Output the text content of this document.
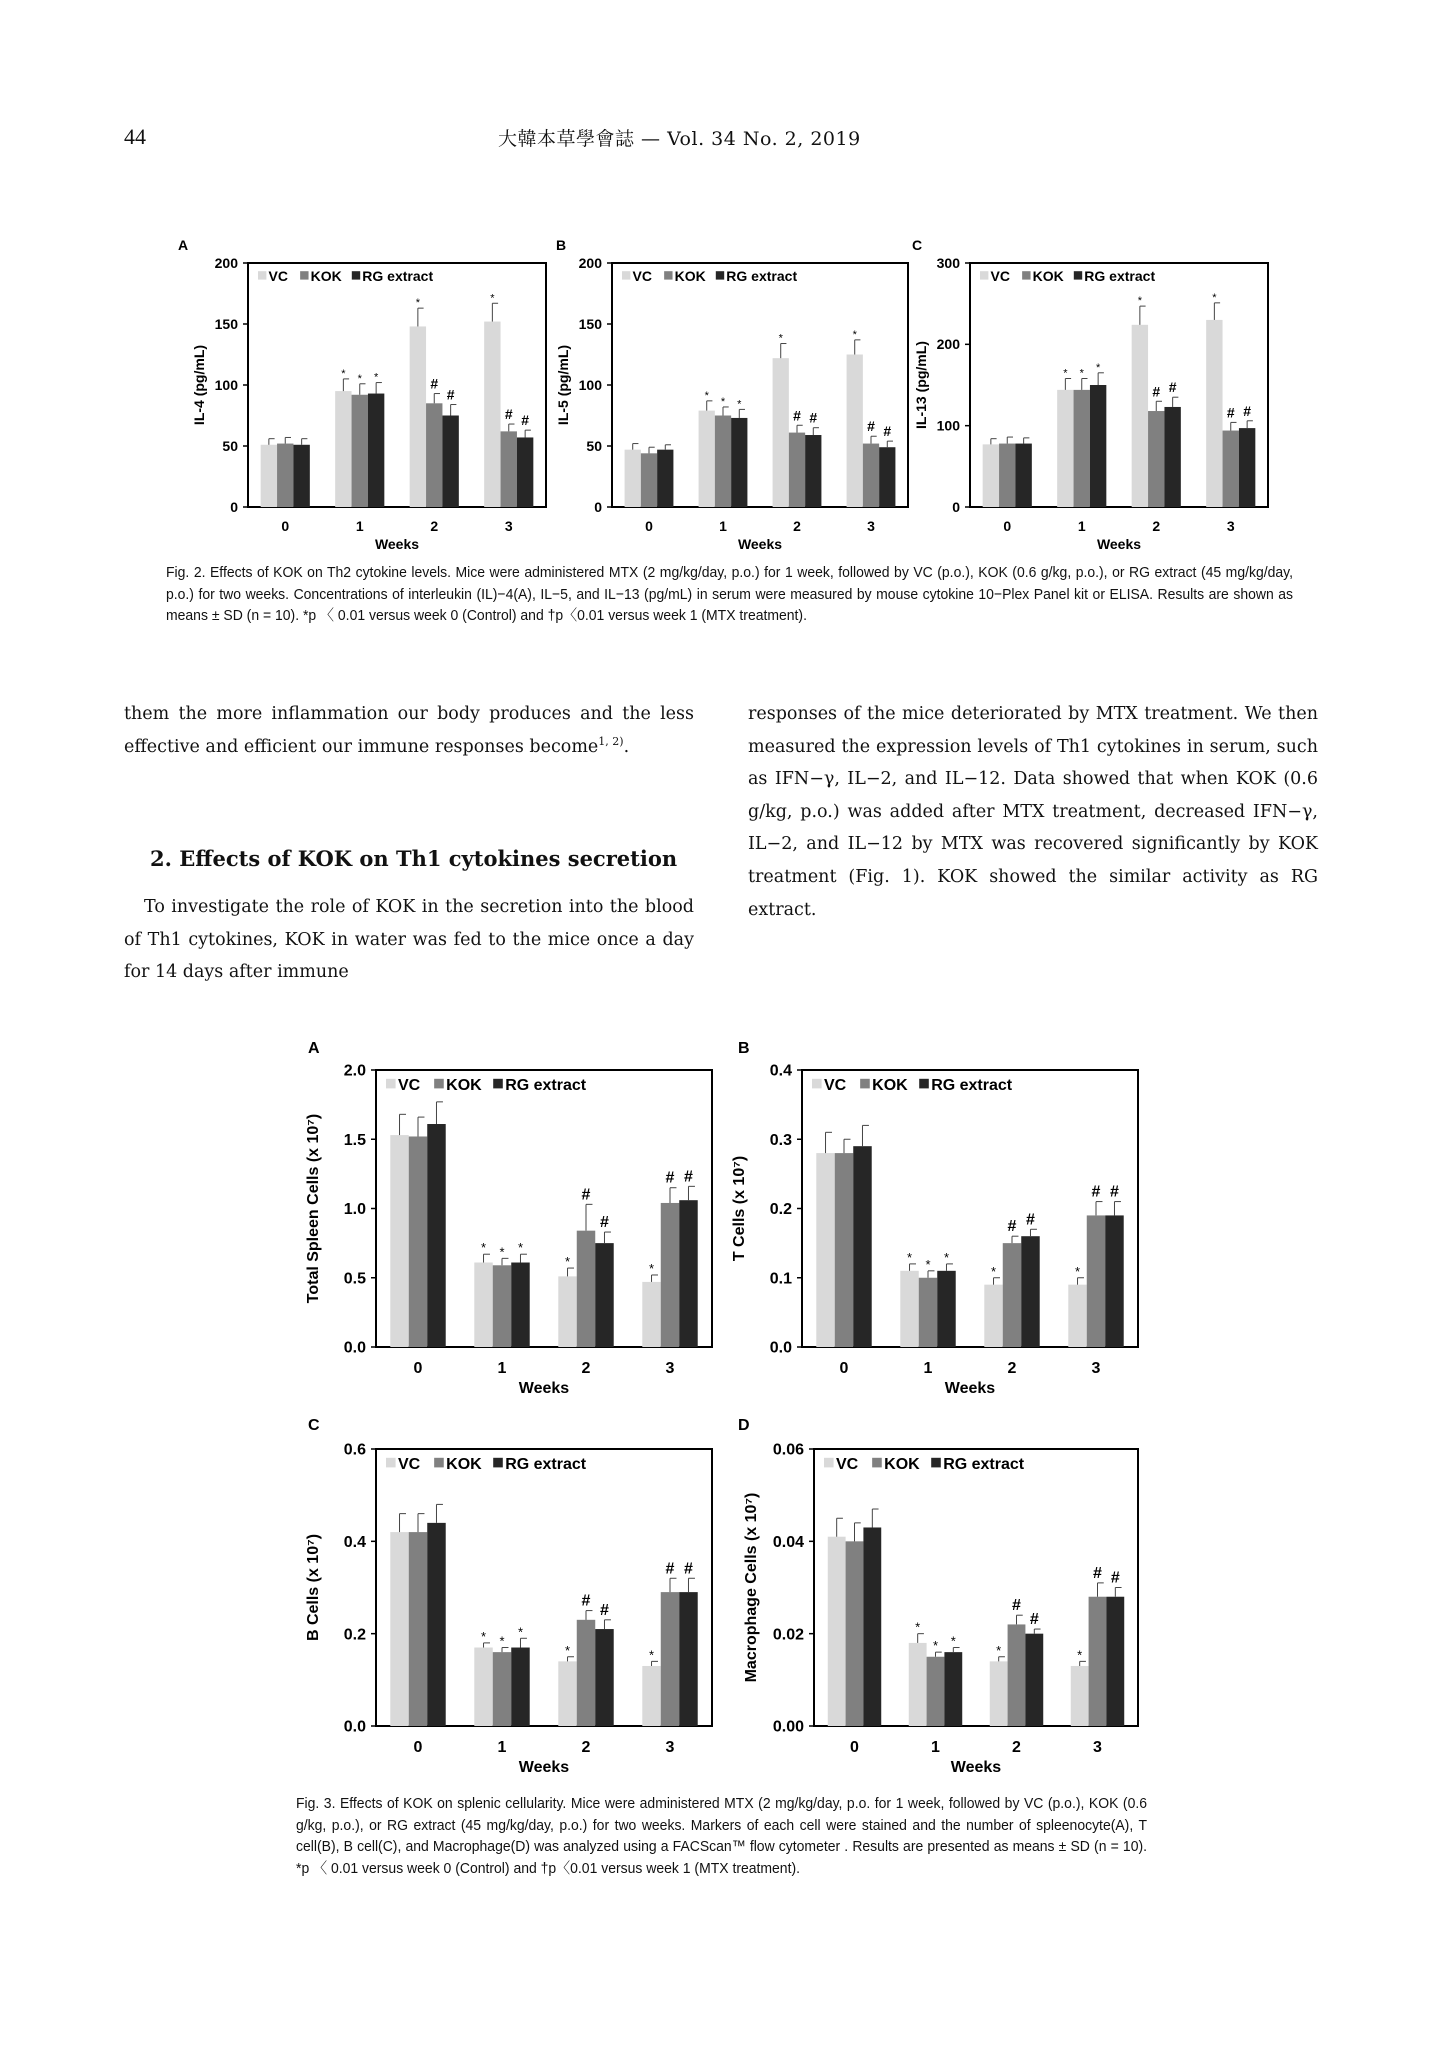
44	大韓本草學會誌 — Vol. 34 No. 2, 2019
A
0
50
100
150
200
IL-4 (pg/mL)
0
* * *
1
*
#
#
2
*
# #
3
Weeks
VC KOK RG extract
B
0
50
100
150
200
IL-5 (pg/mL)
0
*
* *
1
*
# #
2
*
# #
3
Weeks
VC KOK RG extract
C
0
100
200
300
IL-13 (pg/mL)
0
* * *
1
*
# #
2
*
# #
3
Weeks
VC KOK RG extract
A
0.0
0.5
1.0
1.5
2.0
Total Spleen Cells (x 10⁷)
0
* * *
1
*
#
#
2
*
# #
3
Weeks
VC KOK RG extract
B
0.0
0.1
0.2
0.3
0.4
T Cells (x 10⁷)
0
* * *
1
*
# #
2
*
# #
3
Weeks
VC KOK RG extract
C
0.0
0.2
0.4
0.6
B Cells (x 10⁷)
0
* *
*
1
*
#
#
2
*
# #
3
Weeks
VC KOK RG extract
D
0.00
0.02
0.04
0.06
Macrophage Cells (x 10⁷)
0
*
* *
1
*
#
#
2
*
# #
3
Weeks
VC KOK RG extract
Fig. 2. Effects of KOK on Th2 cytokine levels. Mice were administered MTX (2 mg/kg/day, p.o.) for 1 week, followed by VC (p.o.), KOK (0.6 g/kg, p.o.), or RG extract (45 mg/kg/day, p.o.) for two weeks. Concentrations of interleukin (IL)−4(A), IL−5, and IL−13 (pg/mL) in serum were measured by mouse cytokine 10−Plex Panel kit or ELISA. Results are shown as means ± SD (n = 10). *p 〈 0.01 versus week 0 (Control) and †p〈0.01 versus week 1 (MTX treatment).

them the more inflammation our body produces and the less effective and efficient our immune responses become$^{1, 2)}$.

2. Effects of KOK on Th1 cytokines secretion

To investigate the role of KOK in the secretion into the blood of Th1 cytokines, KOK in water was fed to the mice once a day for 14 days after immune

responses of the mice deteriorated by MTX treatment. We then measured the expression levels of Th1 cytokines in serum, such as IFN−γ, IL−2, and IL−12. Data showed that when KOK (0.6 g/kg, p.o.) was added after MTX treatment, decreased IFN−γ, IL−2, and IL−12 by MTX was recovered significantly by KOK treatment (Fig. 1). KOK showed the similar activity as RG extract.

Fig. 3. Effects of KOK on splenic cellularity. Mice were administered MTX (2 mg/kg/day, p.o. for 1 week, followed by VC (p.o.), KOK (0.6 g/kg, p.o.), or RG extract (45 mg/kg/day, p.o.) for two weeks. Markers of each cell were stained and the number of spleenocyte(A), T cell(B), B cell(C), and Macrophage(D) was analyzed using a FACScan™ flow cytometer . Results are presented as means ± SD (n = 10). *p 〈 0.01 versus week 0 (Control) and †p〈0.01 versus week 1 (MTX treatment).
